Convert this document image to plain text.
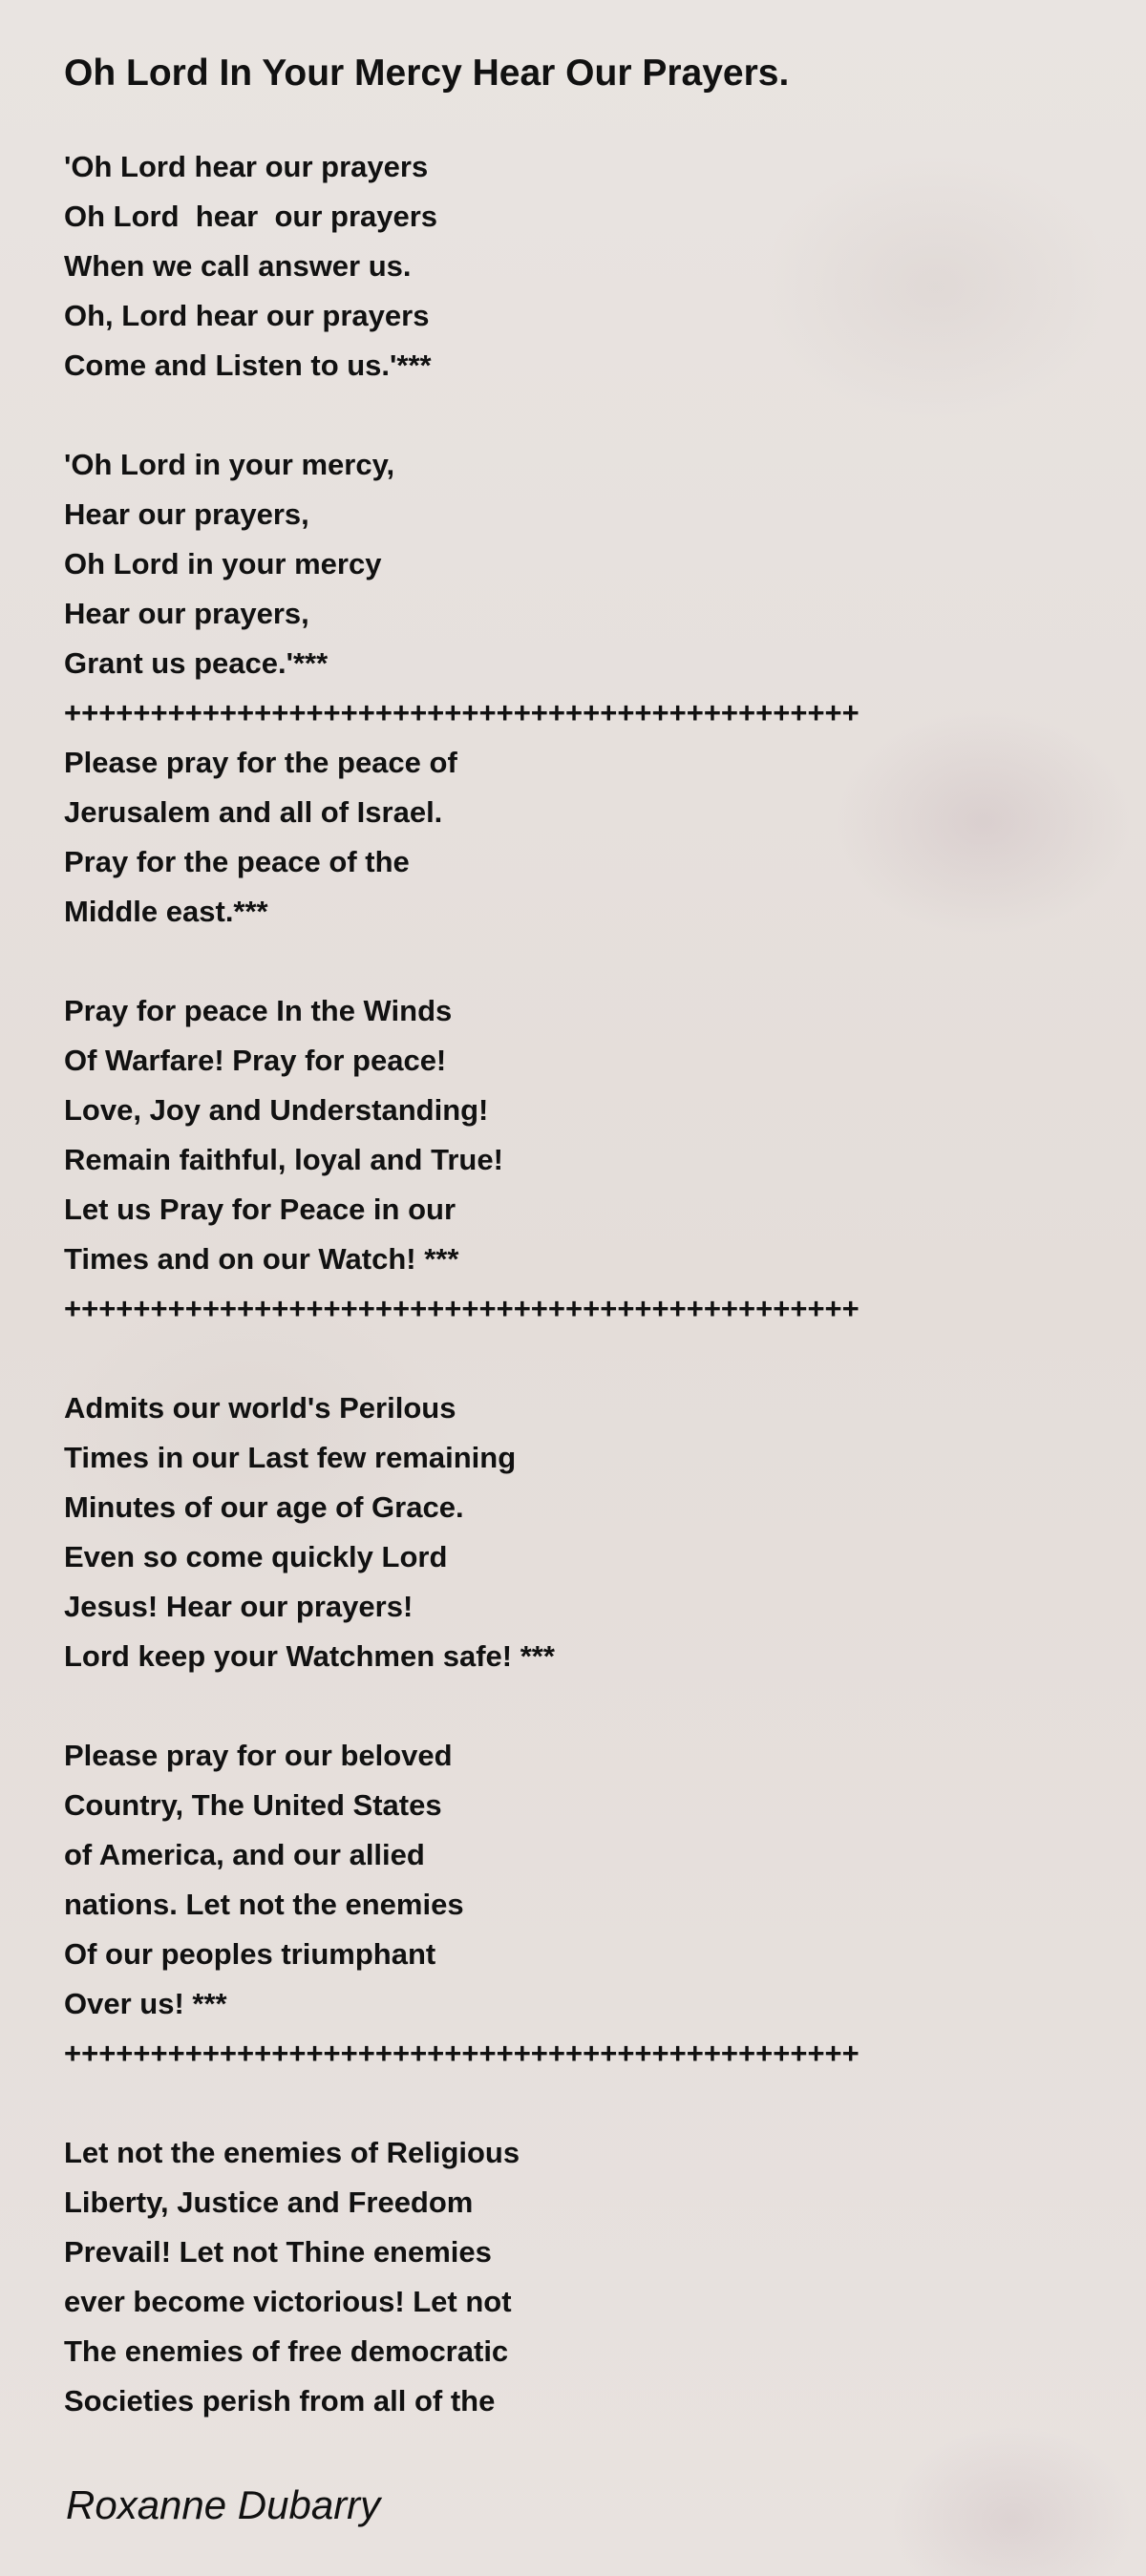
Oh Lord In Your Mercy Hear Our Prayers.
'Oh Lord hear our prayers
Oh Lord  hear  our prayers
When we call answer us.
Oh, Lord hear our prayers
Come and Listen to us.'***
'Oh Lord in your mercy,
Hear our prayers,
Oh Lord in your mercy
Hear our prayers,
Grant us peace.'***
++++++++++++++++++++++++++++++++++++++++++++++
Please pray for the peace of
Jerusalem and all of Israel.
Pray for the peace of the
Middle east.***
Pray for peace In the Winds
Of Warfare! Pray for peace!
Love, Joy and Understanding!
Remain faithful, loyal and True!
Let us Pray for Peace in our
Times and on our Watch! ***
++++++++++++++++++++++++++++++++++++++++++++++
Admits our world's Perilous
Times in our Last few remaining
Minutes of our age of Grace.
Even so come quickly Lord
Jesus! Hear our prayers!
Lord keep your Watchmen safe! ***
Please pray for our beloved
Country, The United States
of America, and our allied
nations. Let not the enemies
Of our peoples triumphant
Over us! ***
++++++++++++++++++++++++++++++++++++++++++++++
Let not the enemies of Religious
Liberty, Justice and Freedom
Prevail! Let not Thine enemies
ever become victorious! Let not
The enemies of free democratic
Societies perish from all of the

Roxanne Dubarry
